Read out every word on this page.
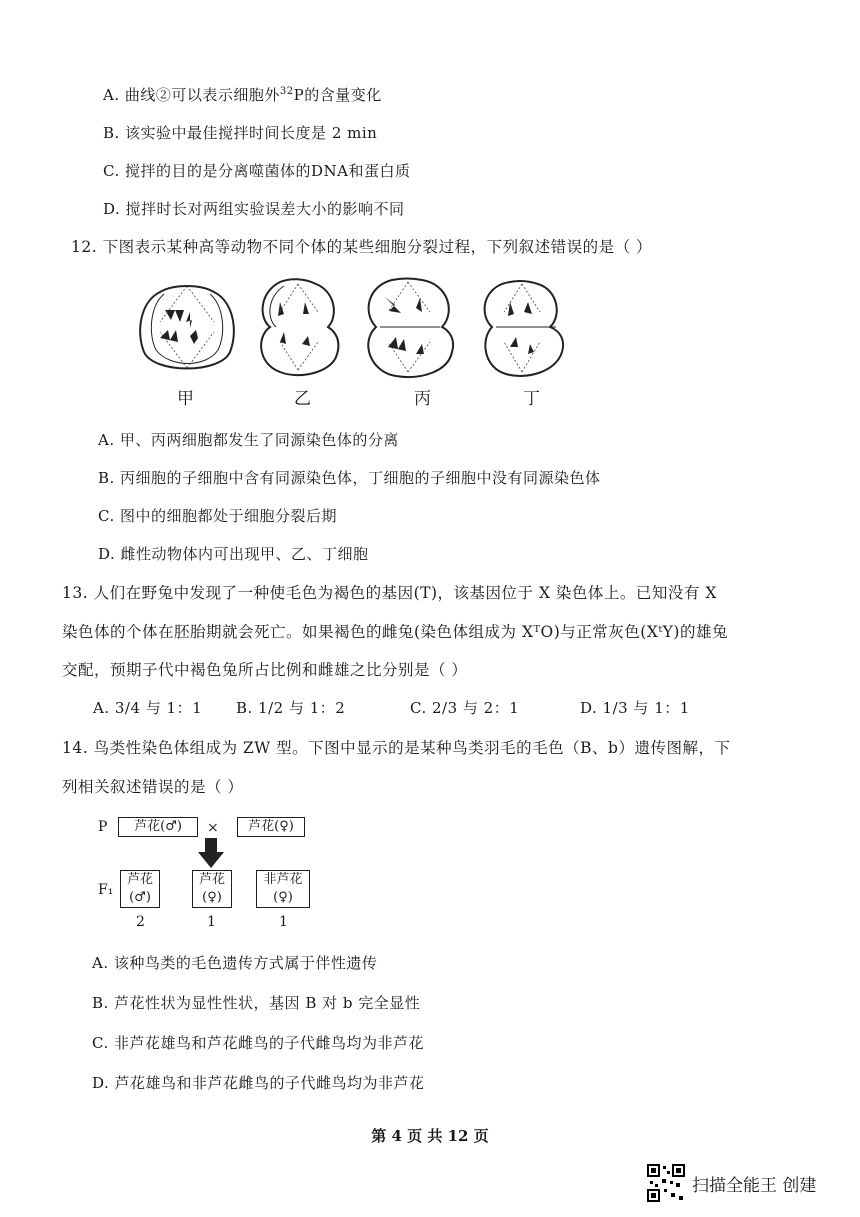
A. 曲线②可以表示细胞外$^{32}$P的含量变化
B. 该实验中最佳搅拌时间长度是 2 min
C. 搅拌的目的是分离噬菌体的DNA和蛋白质
D. 搅拌时长对两组实验误差大小的影响不同
12. 下图表示某种高等动物不同个体的某些细胞分裂过程，下列叙述错误的是（ ）
甲	乙	丙	丁
A. 甲、丙两细胞都发生了同源染色体的分离
B. 丙细胞的子细胞中含有同源染色体，丁细胞的子细胞中没有同源染色体
C. 图中的细胞都处于细胞分裂后期
D. 雌性动物体内可出现甲、乙、丁细胞
13. 人们在野兔中发现了一种使毛色为褐色的基因(T)，该基因位于 X 染色体上。已知没有 X
染色体的个体在胚胎期就会死亡。如果褐色的雌兔(染色体组成为 XᵀO)与正常灰色(XᵗY)的雄兔
交配，预期子代中褐色兔所占比例和雌雄之比分别是（ ）
A. 3/4 与 1：1 B. 1/2 与 1：2	C. 2/3 与 2：1	D. 1/3 与 1：1
14. 鸟类性染色体组成为 ZW 型。下图中显示的是某种鸟类羽毛的毛色（B、b）遗传图解，下
列相关叙述错误的是（ ）
P	芦花(♂)	×	芦花(♀)
F₁
芦花
(♂)
芦花
(♀)
非芦花
(♀)
2	1	1
A. 该种鸟类的毛色遗传方式属于伴性遗传
B. 芦花性状为显性性状，基因 B 对 b 完全显性
C. 非芦花雄鸟和芦花雌鸟的子代雌鸟均为非芦花
D. 芦花雄鸟和非芦花雌鸟的子代雌鸟均为非芦花
第 4 页 共 12 页
扫描全能王 创建
